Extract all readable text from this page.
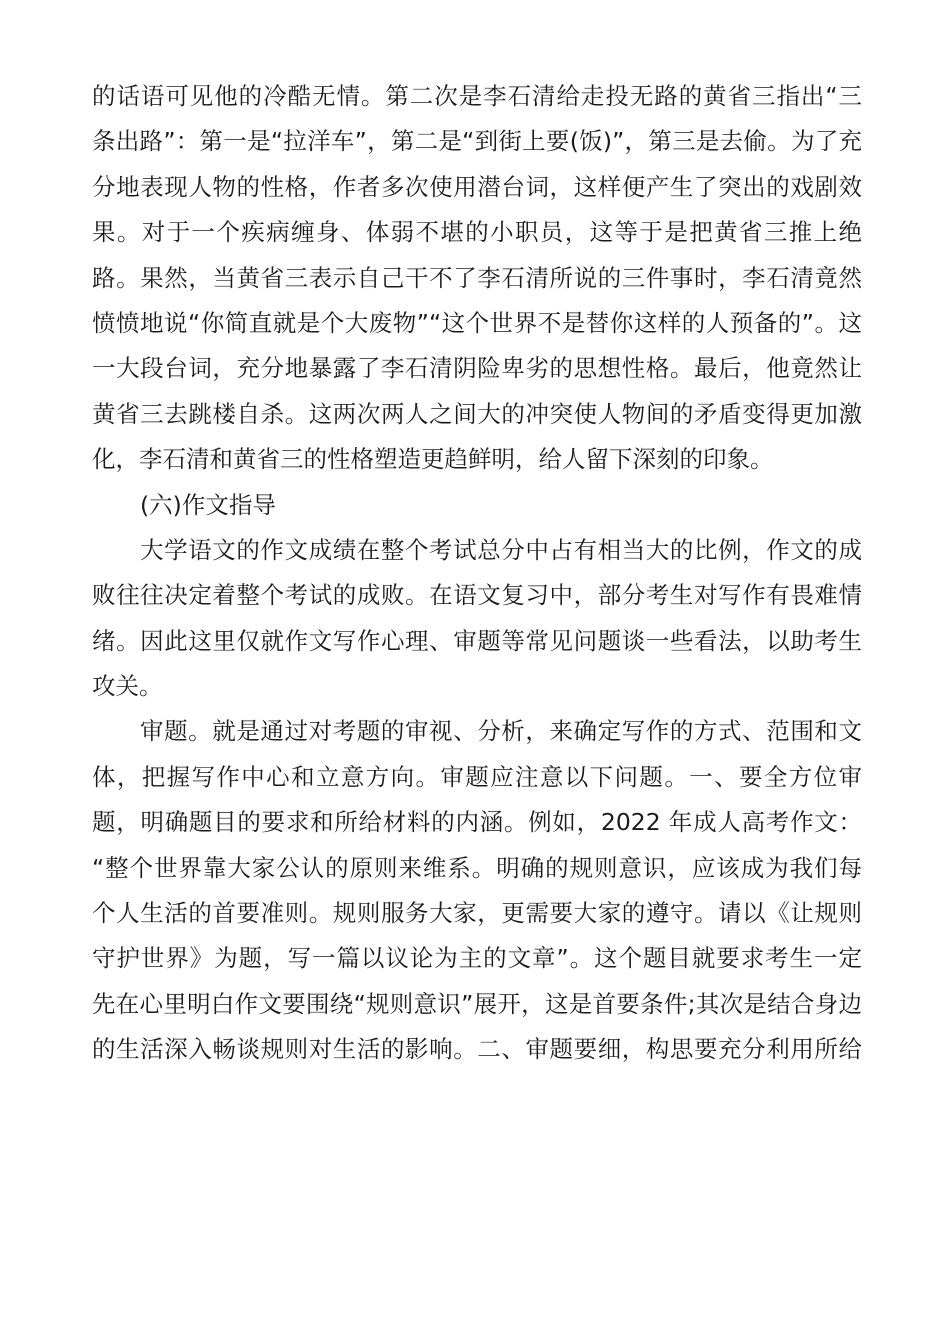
的话语可见他的冷酷无情。第二次是李石清给走投无路的黄省三指出“三
条出路”：第一是“拉洋车”，第二是“到街上要(饭)”，第三是去偷。为了充
分地表现人物的性格，作者多次使用潜台词，这样便产生了突出的戏剧效
果。对于一个疾病缠身、体弱不堪的小职员，这等于是把黄省三推上绝
路。果然，当黄省三表示自己干不了李石清所说的三件事时，李石清竟然
愤愤地说“你简直就是个大废物”“这个世界不是替你这样的人预备的”。这
一大段台词，充分地暴露了李石清阴险卑劣的思想性格。最后，他竟然让
黄省三去跳楼自杀。这两次两人之间大的冲突使人物间的矛盾变得更加激
化，李石清和黄省三的性格塑造更趋鲜明，给人留下深刻的印象。
(六)作文指导
大学语文的作文成绩在整个考试总分中占有相当大的比例，作文的成
败往往决定着整个考试的成败。在语文复习中，部分考生对写作有畏难情
绪。因此这里仅就作文写作心理、审题等常见问题谈一些看法，以助考生
攻关。
审题。就是通过对考题的审视、分析，来确定写作的方式、范围和文
体，把握写作中心和立意方向。审题应注意以下问题。一、要全方位审
题，明确题目的要求和所给材料的内涵。例如，2022 年成人高考作文：
“整个世界靠大家公认的原则来维系。明确的规则意识，应该成为我们每
个人生活的首要准则。规则服务大家，更需要大家的遵守。请以《让规则
守护世界》为题，写一篇以议论为主的文章”。这个题目就要求考生一定
先在心里明白作文要围绕“规则意识”展开，这是首要条件;其次是结合身边
的生活深入畅谈规则对生活的影响。二、审题要细，构思要充分利用所给
